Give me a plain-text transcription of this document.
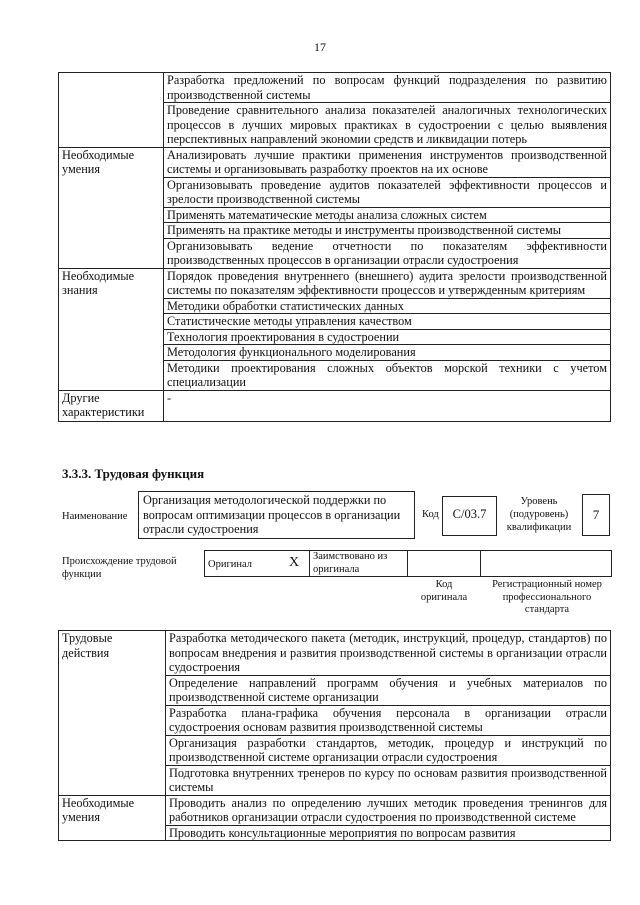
17
	Разработка предложений по вопросам функций подразделения по развитию производственной системы
	Проведение сравнительного анализа показателей аналогичных технологических процессов в лучших мировых практиках в судостроении с целью выявления перспективных направлений экономии средств и ликвидации потерь
Необходимые умения	Анализировать лучшие практики применения инструментов производственной системы и организовывать разработку проектов на их основе
	Организовывать проведение аудитов показателей эффективности процессов и зрелости производственной системы
	Применять математические методы анализа сложных систем
	Применять на практике методы и инструменты производственной системы
	Организовывать ведение отчетности по показателям эффективности производственных процессов в организации отрасли судостроения
Необходимые знания	Порядок проведения внутреннего (внешнего) аудита зрелости производственной системы по показателям эффективности процессов и утвержденным критериям
	Методики обработки статистических данных
	Статистические методы управления качеством
	Технология проектирования в судостроении
	Методология функционального моделирования
	Методики проектирования сложных объектов морской техники с учетом специализации
Другие характеристики	-
3.3.3. Трудовая функция
Наименование
Организация методологической поддержки по вопросам оптимизации процессов в организации отрасли судостроения
Код	C/03.7
Уровень (подуровень) квалификации
7
Происхождение трудовой функции
Оригинал	X Заимствовано из оригинала
Код оригинала
Регистрационный номер профессионального стандарта
Трудовые действия	Разработка методического пакета (методик, инструкций, процедур, стандартов) по вопросам внедрения и развития производственной системы в организации отрасли судостроения
	Определение направлений программ обучения и учебных материалов по производственной системе организации
	Разработка плана-графика обучения персонала в организации отрасли судостроения основам развития производственной системы
	Организация разработки стандартов, методик, процедур и инструкций по производственной системе организации отрасли судостроения
	Подготовка внутренних тренеров по курсу по основам развития производственной системы
Необходимые умения	Проводить анализ по определению лучших методик проведения тренингов для работников организации отрасли судостроения по производственной системе
	Проводить консультационные мероприятия по вопросам развития
